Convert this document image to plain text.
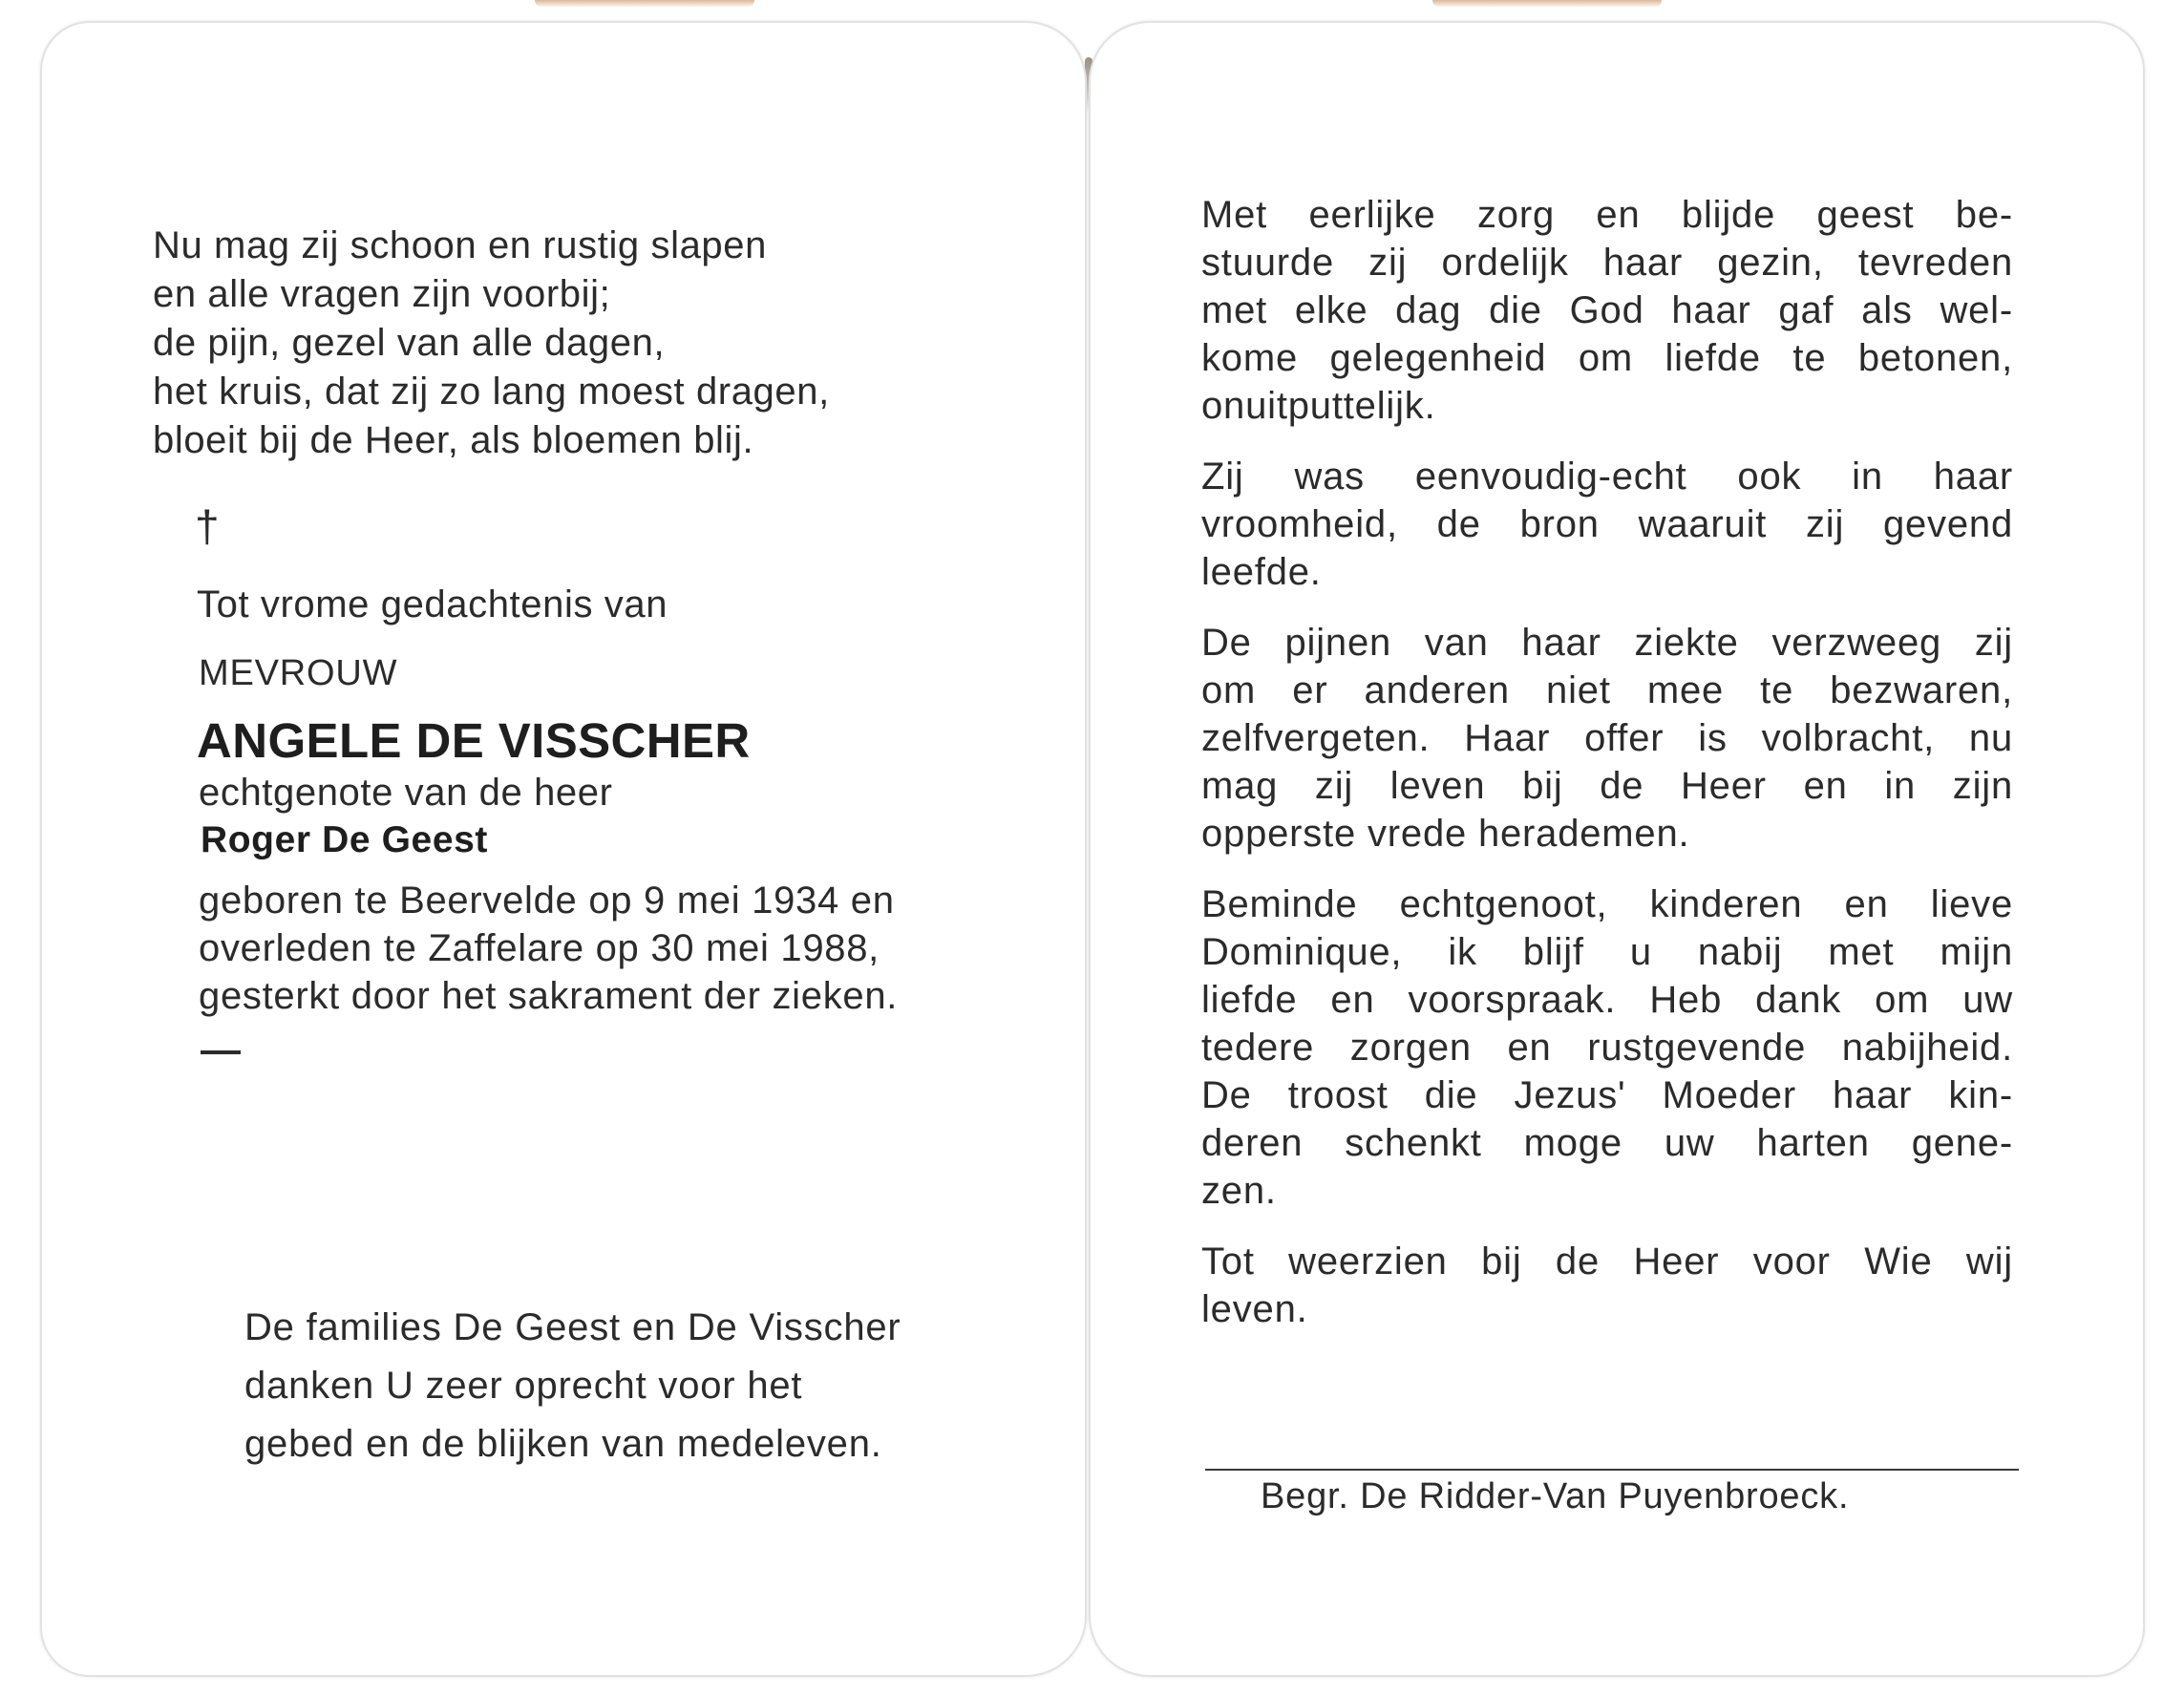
Nu mag zij schoon en rustig slapen
en alle vragen zijn voorbij;
de pijn, gezel van alle dagen,
het kruis, dat zij zo lang moest dragen,
bloeit bij de Heer, als bloemen blij.
†
Tot vrome gedachtenis van
MEVROUW
ANGELE DE VISSCHER
echtgenote van de heer
Roger De Geest
geboren te Beervelde op 9 mei 1934 en
overleden te Zaffelare op 30 mei 1988,
gesterkt door het sakrament der zieken.
De families De Geest en De Visscher
danken U zeer oprecht voor het
gebed en de blijken van medeleven.
Met eerlijke zorg en blijde geest be-
stuurde zij ordelijk haar gezin, tevreden
met elke dag die God haar gaf als wel-
kome gelegenheid om liefde te betonen,
onuitputtelijk.
Zij was eenvoudig-echt ook in haar
vroomheid, de bron waaruit zij gevend
leefde.
De pijnen van haar ziekte verzweeg zij
om er anderen niet mee te bezwaren,
zelfvergeten. Haar offer is volbracht, nu
mag zij leven bij de Heer en in zijn
opperste vrede herademen.
Beminde echtgenoot, kinderen en lieve
Dominique, ik blijf u nabij met mijn
liefde en voorspraak. Heb dank om uw
tedere zorgen en rustgevende nabijheid.
De troost die Jezus' Moeder haar kin-
deren schenkt moge uw harten gene-
zen.
Tot weerzien bij de Heer voor Wie wij
leven.
Begr. De Ridder-Van Puyenbroeck.
